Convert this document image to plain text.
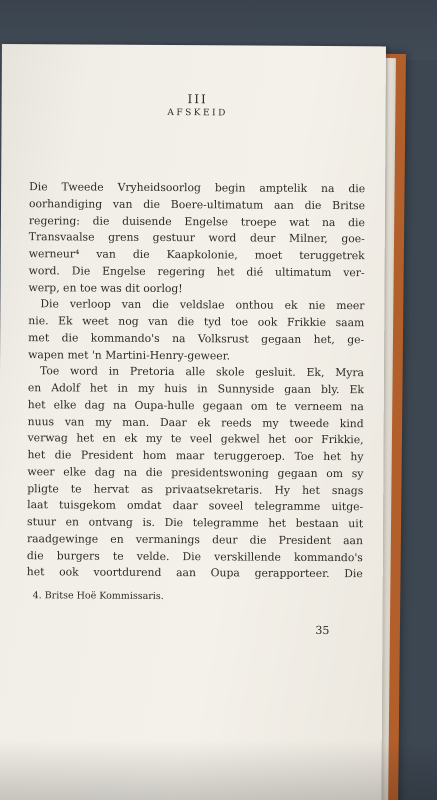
III

AFSKEID

Die Tweede Vryheidsoorlog begin amptelik na die
oorhandiging van die Boere-ultimatum aan die Britse
regering: die duisende Engelse troepe wat na die
Transvaalse grens gestuur word deur Milner, goe-
werneur⁴ van die Kaapkolonie, moet teruggetrek
word. Die Engelse regering het dié ultimatum ver-
werp, en toe was dit oorlog!

Die verloop van die veldslae onthou ek nie meer
nie. Ek weet nog van die tyd toe ook Frikkie saam
met die kommando's na Volksrust gegaan het, ge-
wapen met 'n Martini-Henry-geweer.

Toe word in Pretoria alle skole gesluit. Ek, Myra
en Adolf het in my huis in Sunnyside gaan bly. Ek
het elke dag na Oupa-hulle gegaan om te verneem na
nuus van my man. Daar ek reeds my tweede kind
verwag het en ek my te veel gekwel het oor Frikkie,
het die President hom maar teruggeroep. Toe het hy
weer elke dag na die presidentswoning gegaan om sy
pligte te hervat as privaatsekretaris. Hy het snags
laat tuisgekom omdat daar soveel telegramme uitge-
stuur en ontvang is. Die telegramme het bestaan uit
raadgewinge en vermanings deur die President aan
die burgers te velde. Die verskillende kommando's
het ook voortdurend aan Oupa gerapporteer. Die

4. Britse Hoë Kommissaris.

35
